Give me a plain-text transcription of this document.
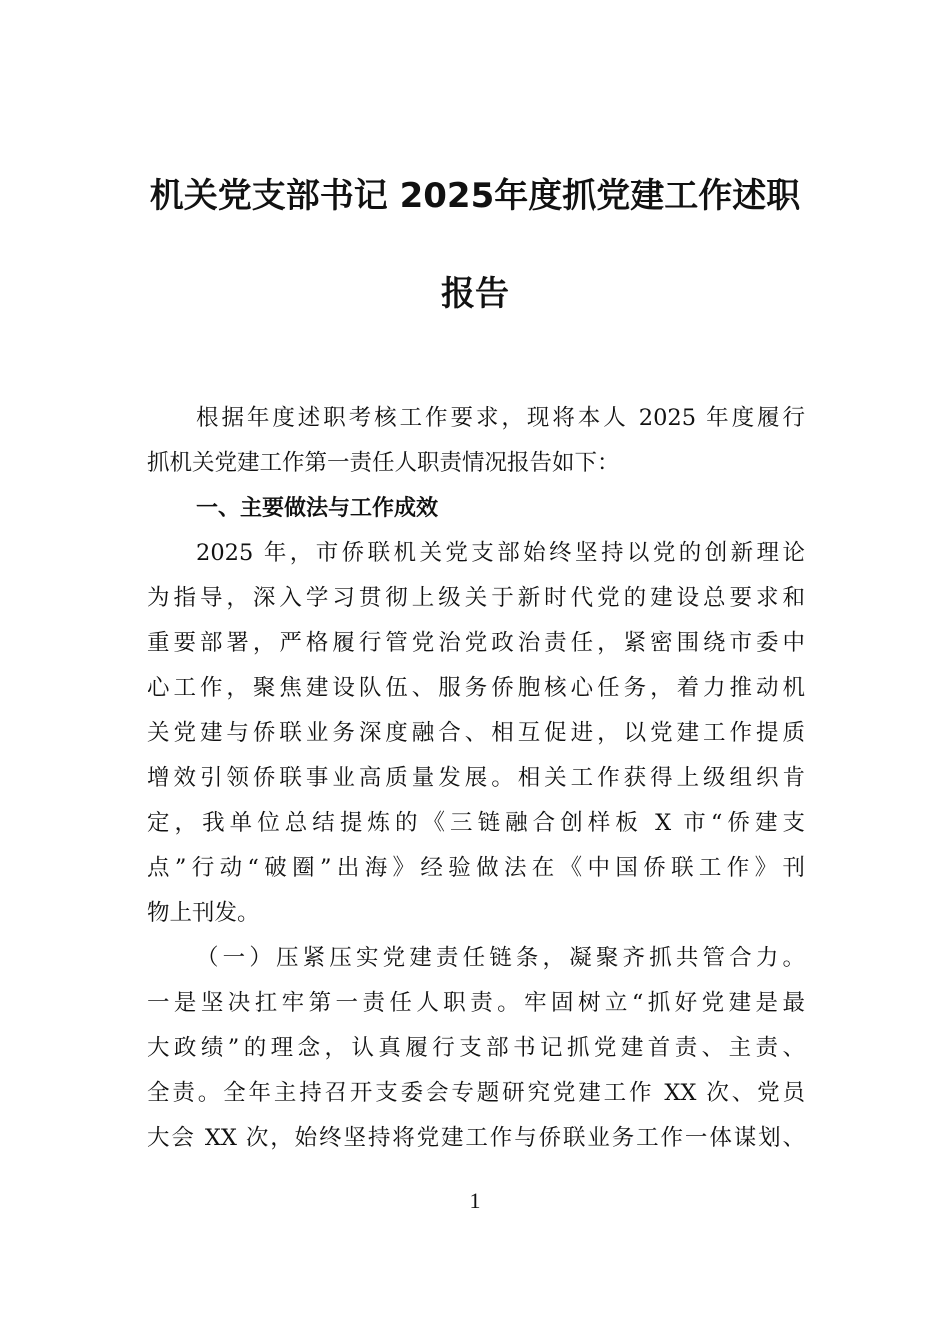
机关党支部书记 2025年度抓党建工作述职
报告
根据年度述职考核工作要求，现将本人 2025 年度履行
抓机关党建工作第一责任人职责情况报告如下：
一、主要做法与工作成效
2025 年，市侨联机关党支部始终坚持以党的创新理论
为指导，深入学习贯彻上级关于新时代党的建设总要求和
重要部署，严格履行管党治党政治责任，紧密围绕市委中
心工作，聚焦建设队伍、服务侨胞核心任务，着力推动机
关党建与侨联业务深度融合、相互促进，以党建工作提质
增效引领侨联事业高质量发展。相关工作获得上级组织肯
定，我单位总结提炼的《三链融合创样板 X 市“侨建支
点”行动“破圈”出海》经验做法在《中国侨联工作》刊
物上刊发。
（一）压紧压实党建责任链条，凝聚齐抓共管合力。
一是坚决扛牢第一责任人职责。牢固树立“抓好党建是最
大政绩”的理念，认真履行支部书记抓党建首责、主责、
全责。全年主持召开支委会专题研究党建工作 XX 次、党员
大会 XX 次，始终坚持将党建工作与侨联业务工作一体谋划、
1
